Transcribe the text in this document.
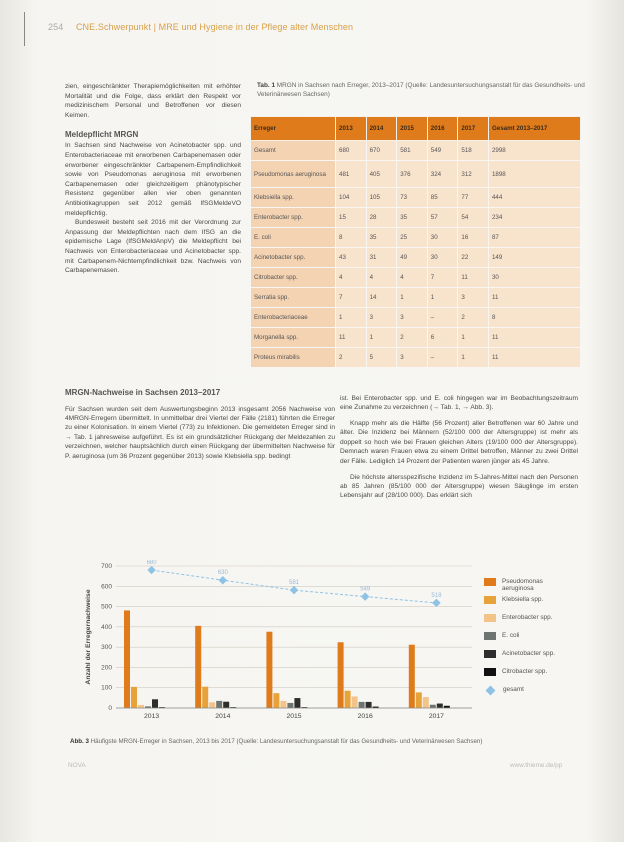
254 CNE.Schwerpunkt | MRE und Hygiene in der Pflege alter Menschen

zien, eingeschränkter Therapiemöglichkeiten mit erhöhter Mortalität und die Folge, dass erklärt den Respekt vor medizinischem Personal und Betroffenen vor diesen Keimen.

Meldepflicht MRGN

In Sachsen sind Nachweise von Acinetobacter spp. und Enterobacteriaceae mit erworbenen Carbapenemasen oder erworbener eingeschränkter Carbapenem-Empfindlichkeit sowie von Pseudomonas aeruginosa mit erworbenen Carbapenemasen oder gleichzeitigem phänotypischer Resistenz gegenüber allen vier oben genannten Antibiotikagruppen seit 2012 gemäß IfSGMeldeVO meldepflichtig.

Bundesweit besteht seit 2016 mit der Verordnung zur Anpassung der Meldepflichten nach dem IfSG an die epidemische Lage (IfSGMeldAnpV) die Meldepflicht bei Nachweis von Enterobacteriaceae und Acinetobacter spp. mit Carbapenem-Nichtempfindlichkeit bzw. Nachweis von Carbapenemasen.

Tab. 1 MRGN in Sachsen nach Erreger, 2013–2017 (Quelle: Landesuntersuchungsanstalt für das Gesundheits- und Veterinärwesen Sachsen)
Erreger	2013	2014	2015	2016	2017	Gesamt 2013–2017
Gesamt	680	670	581	549	518	2998
Pseudomonas aeruginosa	481	405	376	324	312	1898
Klebsiella spp.	104	105	73	85	77	444
Enterobacter spp.	15	28	35	57	54	234
E. coli	8	35	25	30	16	87
Acinetobacter spp.	43	31	49	30	22	149
Citrobacter spp.	4	4	4	7	11	30
Serratia spp.	7	14	1	1	3	11
Enterobacteriaceae	1	3	3	–	2	8
Morganella spp.	11	1	2	6	1	11
Proteus mirabilis	2	5	3	–	1	11
MRGN-Nachweise in Sachsen 2013–2017

Für Sachsen wurden seit dem Auswertungsbeginn 2013 insgesamt 2056 Nachweise von 4MRGN-Erregern übermittelt. In unmittelbar drei Viertel der Fälle (2181) führten die Erreger zu einer Kolonisation. In einem Viertel (773) zu Infektionen. Die gemeldeten Erreger sind in → Tab. 1 jahresweise aufgeführt. Es ist ein grundsätzlicher Rückgang der Meldezahlen zu verzeichnen, welcher hauptsächlich durch einen Rückgang der übermittelten Nachweise für P. aeruginosa (um 36 Prozent gegenüber 2013) sowie Klebsiella spp. bedingt

ist. Bei Enterobacter spp. und E. coli hingegen war im Beobachtungszeitraum eine Zunahme zu verzeichnen (→ Tab. 1, → Abb. 3).

Knapp mehr als die Hälfte (56 Prozent) aller Betroffenen war 60 Jahre und älter. Die Inzidenz bei Männern (52/100 000 der Altersgruppe) ist mehr als doppelt so hoch wie bei Frauen gleichen Alters (19/100 000 der Altersgruppe). Demnach waren Frauen etwa zu einem Drittel betroffen, Männer zu zwei Drittel der Fälle. Lediglich 14 Prozent der Patienten waren jünger als 45 Jahre.

Die höchste altersspezifische Inzidenz im 5-Jahres-Mittel nach den Personen ab 85 Jahren (85/100 000 der Altersgruppe) wiesen Säuglinge im ersten Lebensjahr auf (28/100 000). Das erklärt sich

0
100
200
300
400
500
600
700
Anzahl der Erregernachweise
2013	2014	2015	2016	2017
680
630
581
549
518
Pseudomonas aeruginosa
Klebsiella spp.
Enterobacter spp.
E. coli
Acinetobacter spp.
Citrobacter spp.
gesamt
Abb. 3 Häufigste MRGN-Erreger in Sachsen, 2013 bis 2017 (Quelle: Landesuntersuchungsanstalt für das Gesundheits- und Veterinärwesen Sachsen)
NOVA	www.thieme.de/pp
